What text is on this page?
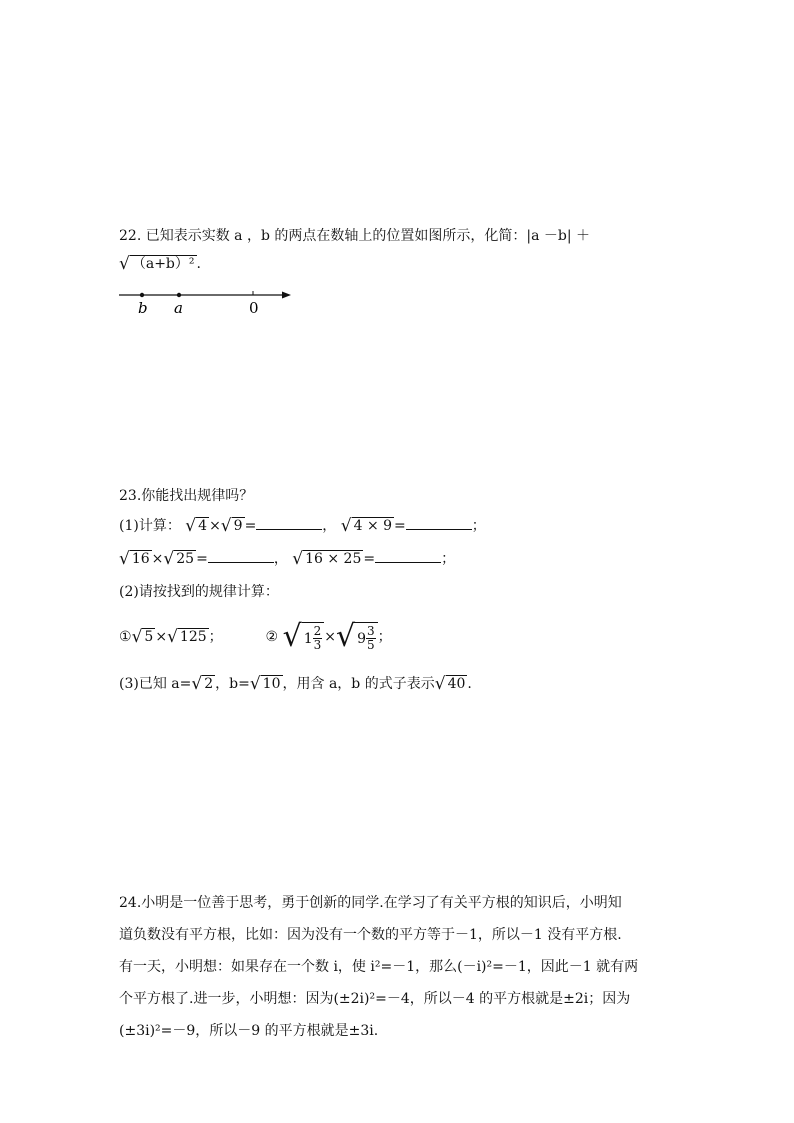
22. 已知表示实数 a ，b 的两点在数轴上的位置如图所示，化简：|a －b| ＋
√ （a+b）² .
b a	0
23.你能找出规律吗？
(1)计算： √ 4 × √ 9 =	， √ 4 × 9 =	；
√ 16 × √ 25 =	， √ 16 × 25 =	；
(2)请按找到的规律计算：
① √ 5 × √ 125 ；	② √ $1 \frac{2}{3}$ × √ $9 \frac{3}{5}$ ；
(3)已知 a= √ 2 ，b= √ 10 ，用含 a，b 的式子表示 √ 40 .
24.小明是一位善于思考，勇于创新的同学.在学习了有关平方根的知识后，小明知
道负数没有平方根，比如：因为没有一个数的平方等于－1，所以－1 没有平方根.
有一天，小明想：如果存在一个数 i，使 i²=－1，那么(－i)²=－1，因此－1 就有两
个平方根了.进一步，小明想：因为(±2i)²=－4，所以－4 的平方根就是±2i；因为
(±3i)²=－9，所以－9 的平方根就是±3i.
